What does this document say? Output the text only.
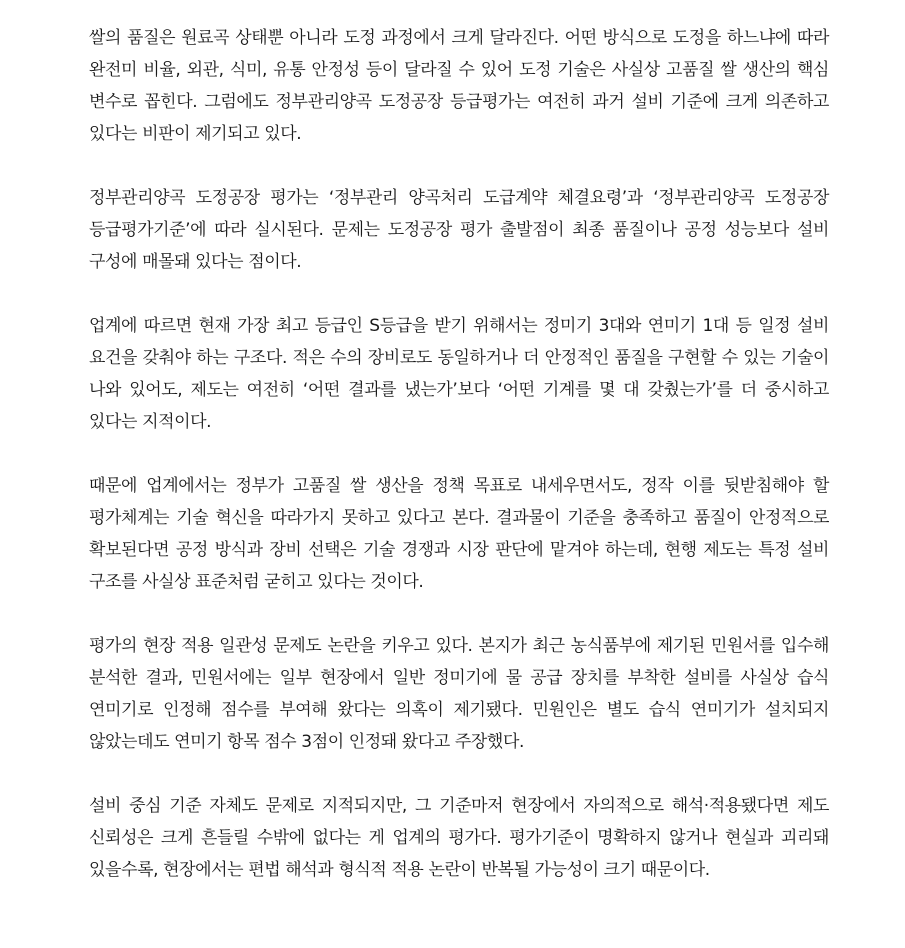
쌀의 품질은 원료곡 상태뿐 아니라 도정 과정에서 크게 달라진다. 어떤 방식으로 도정을 하느냐에 따라 완전미 비율, 외관, 식미, 유통 안정성 등이 달라질 수 있어 도정 기술은 사실상 고품질 쌀 생산의 핵심 변수로 꼽힌다. 그럼에도 정부관리양곡 도정공장 등급평가는 여전히 과거 설비 기준에 크게 의존하고 있다는 비판이 제기되고 있다.

정부관리양곡 도정공장 평가는 ‘정부관리 양곡처리 도급계약 체결요령’과 ‘정부관리양곡 도정공장 등급평가기준’에 따라 실시된다. 문제는 도정공장 평가 출발점이 최종 품질이나 공정 성능보다 설비 구성에 매몰돼 있다는 점이다.

업계에 따르면 현재 가장 최고 등급인 S등급을 받기 위해서는 정미기 3대와 연미기 1대 등 일정 설비 요건을 갖춰야 하는 구조다. 적은 수의 장비로도 동일하거나 더 안정적인 품질을 구현할 수 있는 기술이 나와 있어도, 제도는 여전히 ‘어떤 결과를 냈는가’보다 ‘어떤 기계를 몇 대 갖췄는가’를 더 중시하고 있다는 지적이다.

때문에 업계에서는 정부가 고품질 쌀 생산을 정책 목표로 내세우면서도, 정작 이를 뒷받침해야 할 평가체계는 기술 혁신을 따라가지 못하고 있다고 본다. 결과물이 기준을 충족하고 품질이 안정적으로 확보된다면 공정 방식과 장비 선택은 기술 경쟁과 시장 판단에 맡겨야 하는데, 현행 제도는 특정 설비 구조를 사실상 표준처럼 굳히고 있다는 것이다.

평가의 현장 적용 일관성 문제도 논란을 키우고 있다. 본지가 최근 농식품부에 제기된 민원서를 입수해 분석한 결과, 민원서에는 일부 현장에서 일반 정미기에 물 공급 장치를 부착한 설비를 사실상 습식 연미기로 인정해 점수를 부여해 왔다는 의혹이 제기됐다. 민원인은 별도 습식 연미기가 설치되지 않았는데도 연미기 항목 점수 3점이 인정돼 왔다고 주장했다.

설비 중심 기준 자체도 문제로 지적되지만, 그 기준마저 현장에서 자의적으로 해석·적용됐다면 제도 신뢰성은 크게 흔들릴 수밖에 없다는 게 업계의 평가다. 평가기준이 명확하지 않거나 현실과 괴리돼 있을수록, 현장에서는 편법 해석과 형식적 적용 논란이 반복될 가능성이 크기 때문이다.
